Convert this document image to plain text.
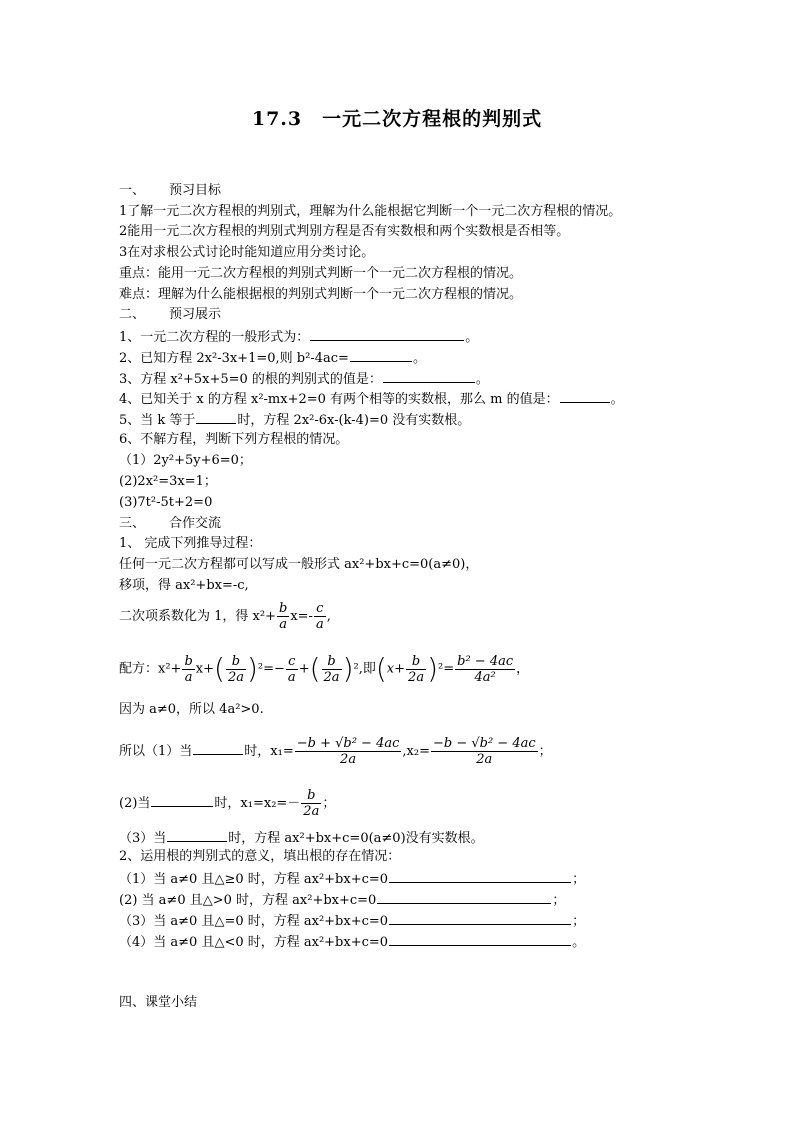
17.3　一元二次方程根的判别式
一、 预习目标
1了解一元二次方程根的判别式，理解为什么能根据它判断一个一元二次方程根的情况。
2能用一元二次方程根的判别式判别方程是否有实数根和两个实数根是否相等。
3在对求根公式讨论时能知道应用分类讨论。
重点：能用一元二次方程根的判别式判断一个一元二次方程根的情况。
难点：理解为什么能根据根的判别式判断一个一元二次方程根的情况。
二、 预习展示
1、一元二次方程的一般形式为：	。
2、已知方程 2x²-3x+1=0,则 b²-4ac=	。
3、方程 x²+5x+5=0 的根的判别式的值是：	。
4、已知关于 x 的方程 x²-mx+2=0 有两个相等的实数根，那么 m 的值是：	。
5、当 k 等于	时，方程 2x²-6x-(k-4)=0 没有实数根。
6、不解方程，判断下列方程根的情况。
（1）2y²+5y+6=0；
(2)2x²=3x=1；
(3)7t²-5t+2=0
三、 合作交流
1、 完成下列推导过程：
任何一元二次方程都可以写成一般形式 ax²+bx+c=0(a≠0)，
移项，得 ax²+bx=-c,
二次项系数化为 1，得 $x^2+ \frac{b}{a} x=- \frac{c}{a}$ ,
配方：$x^2+ \frac{b}{a} x+( \frac{b}{2a} )^2=- \frac{c}{a}$ +( $\frac{b}{2a} )^2$,即$(x+ \frac{b}{2a} )^2= \frac{\text{b² − 4ac}}{\text{4a²}}$ ，
因为 a≠0，所以 4a²>0.
所以（1）当	时，$x_1= \frac{\text{−b + √b² − 4ac}}{2a} ,x_2= \frac{\text{−b − √b² − 4ac}}{2a}$ ；
(2)当	时，$x_1=x_2=- \frac{b}{2a}$ ；
（3）当	时，方程 ax²+bx+c=0(a≠0)没有实数根。
2、运用根的判别式的意义，填出根的存在情况：
（1）当 a≠0 且△≥0 时，方程 ax²+bx+c=0	；
(2) 当 a≠0 且△>0 时，方程 ax²+bx+c=0	；
（3）当 a≠0 且△=0 时，方程 ax²+bx+c=0	；
（4）当 a≠0 且△<0 时，方程 ax²+bx+c=0	。
四、课堂小结
